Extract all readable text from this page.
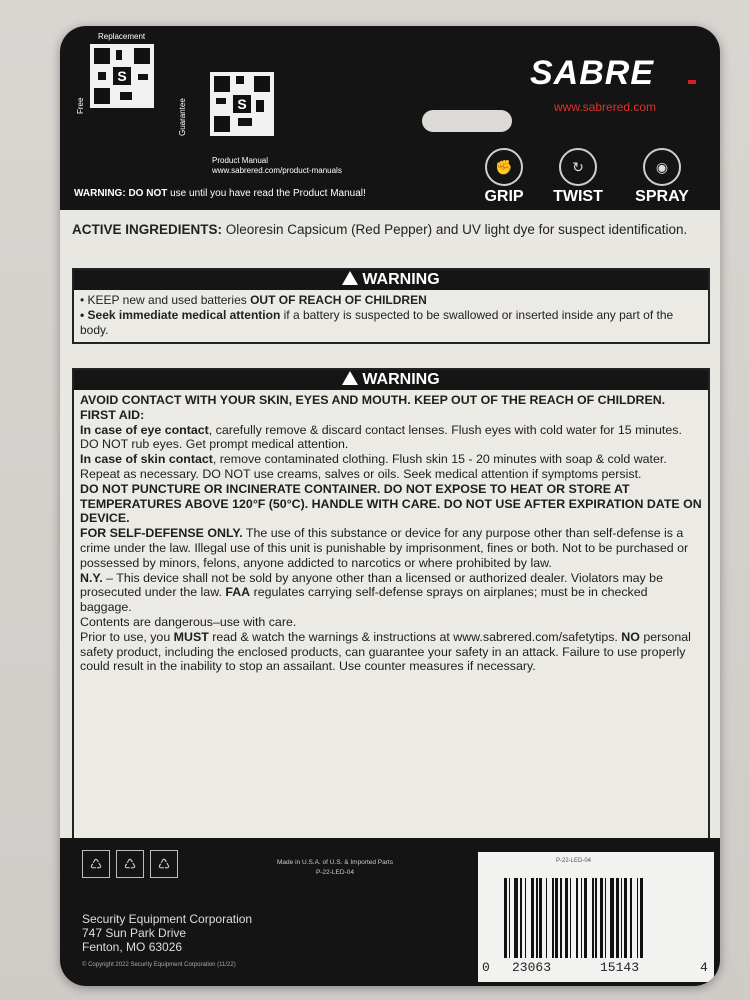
Replacement
Free	Guarantee
S
S
Product Manual
www.sabrered.com/product-manuals
SABRE
www.sabrered.com
✊
GRIP
↻
TWIST
◉
SPRAY
WARNING: DO NOT use until you have read the Product Manual!
ACTIVE INGREDIENTS: Oleoresin Capsicum (Red Pepper) and UV light dye for suspect identification.
WARNING
• KEEP new and used batteries OUT OF REACH OF CHILDREN
• Seek immediate medical attention if a battery is suspected to be swallowed or inserted inside any part of the body.
WARNING
AVOID CONTACT WITH YOUR SKIN, EYES AND MOUTH. KEEP OUT OF THE REACH OF CHILDREN.
FIRST AID:
In case of eye contact, carefully remove & discard contact lenses. Flush eyes with cold water for 15 minutes. DO NOT rub eyes. Get prompt medical attention.
In case of skin contact, remove contaminated clothing. Flush skin 15 - 20 minutes with soap & cold water. Repeat as necessary. DO NOT use creams, salves or oils. Seek medical attention if symptoms persist.
DO NOT PUNCTURE OR INCINERATE CONTAINER. DO NOT EXPOSE TO HEAT OR STORE AT TEMPERATURES ABOVE 120°F (50°C). HANDLE WITH CARE. DO NOT USE AFTER EXPIRATION DATE ON DEVICE.
FOR SELF-DEFENSE ONLY. The use of this substance or device for any purpose other than self-defense is a crime under the law. Illegal use of this unit is punishable by imprisonment, fines or both. Not to be purchased or possessed by minors, felons, anyone addicted to narcotics or where prohibited by law.
N.Y. – This device shall not be sold by anyone other than a licensed or authorized dealer. Violators may be prosecuted under the law. FAA regulates carrying self-defense sprays on airplanes; must be in checked baggage.
Contents are dangerous–use with care.
Prior to use, you MUST read & watch the warnings & instructions at www.sabrered.com/safetytips. NO personal safety product, including the enclosed products, can guarantee your safety in an attack. Failure to use properly could result in the inability to stop an assailant. Use counter measures if necessary.
♺	♺	♺	Made in U.S.A. of U.S. & Imported Parts
P-22-LED-04
Security Equipment Corporation
747 Sun Park Drive
Fenton, MO 63026
© Copyright 2022 Security Equipment Corporation (11/22)
P-22-LED-04
0 23063	15143	4
